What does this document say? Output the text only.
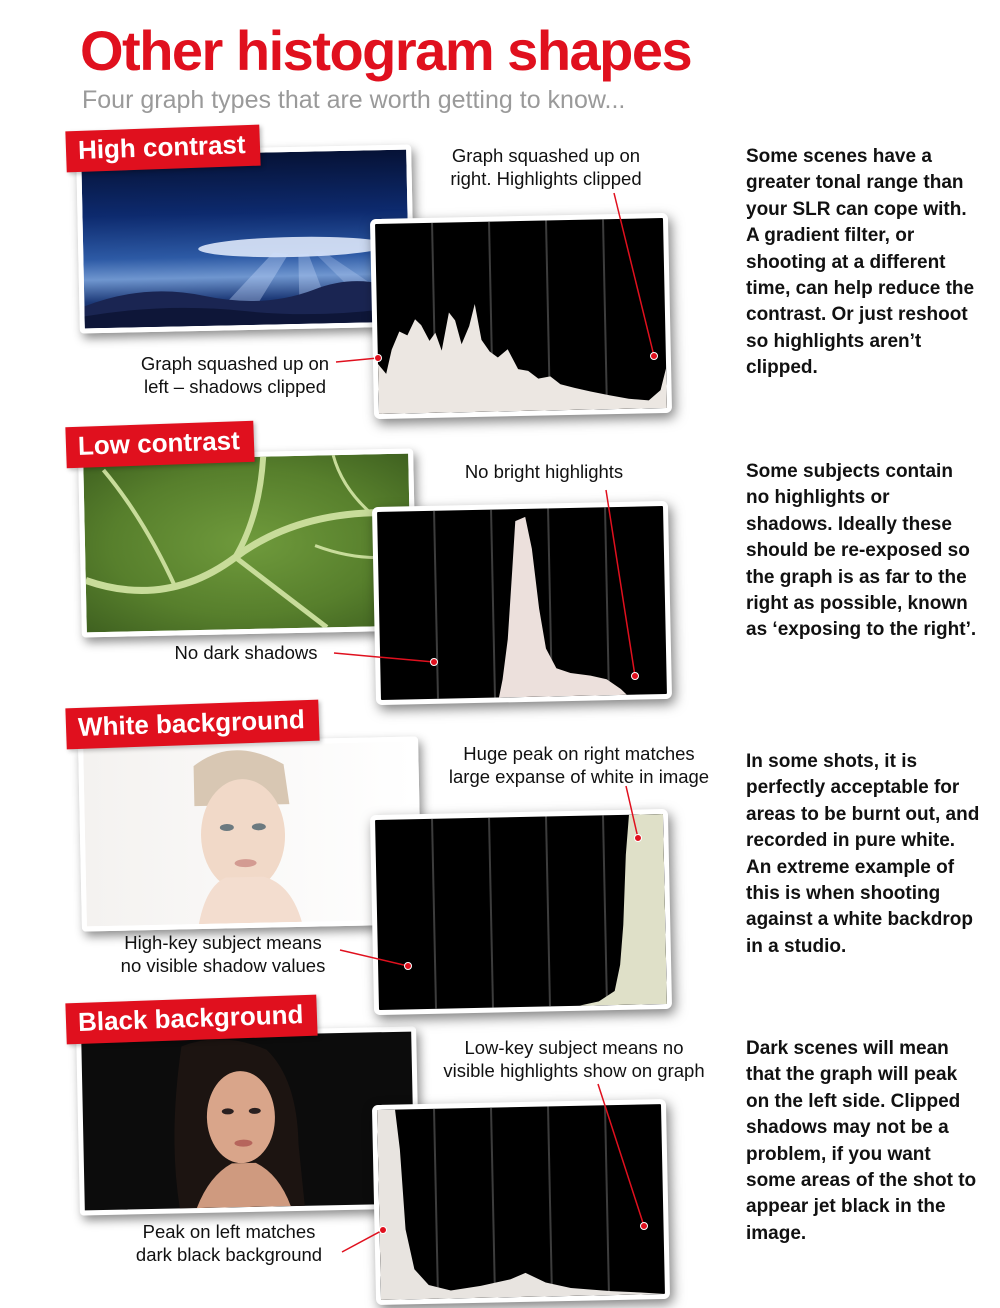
Other histogram shapes
Four graph types that are worth getting to know...
High contrast	Graph squashed up on
right. Highlights clipped
Graph squashed up on
left – shadows clipped
Some scenes have a greater tonal range than your SLR can cope with. A gradient filter, or shooting at a different time, can help reduce the contrast. Or just reshoot so highlights aren’t clipped.
Low contrast
No bright highlights
No dark shadows
Some subjects contain no highlights or shadows. Ideally these should be re-exposed so the graph is as far to the right as possible, known as ‘exposing to the right’.
White background
Huge peak on right matches
large expanse of white in image
High-key subject means
no visible shadow values
In some shots, it is perfectly acceptable for areas to be burnt out, and recorded in pure white. An extreme example of this is when shooting against a white backdrop in a studio.
Black background
Low-key subject means no
visible highlights show on graph
Peak on left matches
dark black background
Dark scenes will mean that the graph will peak on the left side. Clipped shadows may not be a problem, if you want some areas of the shot to appear jet black in the image.
